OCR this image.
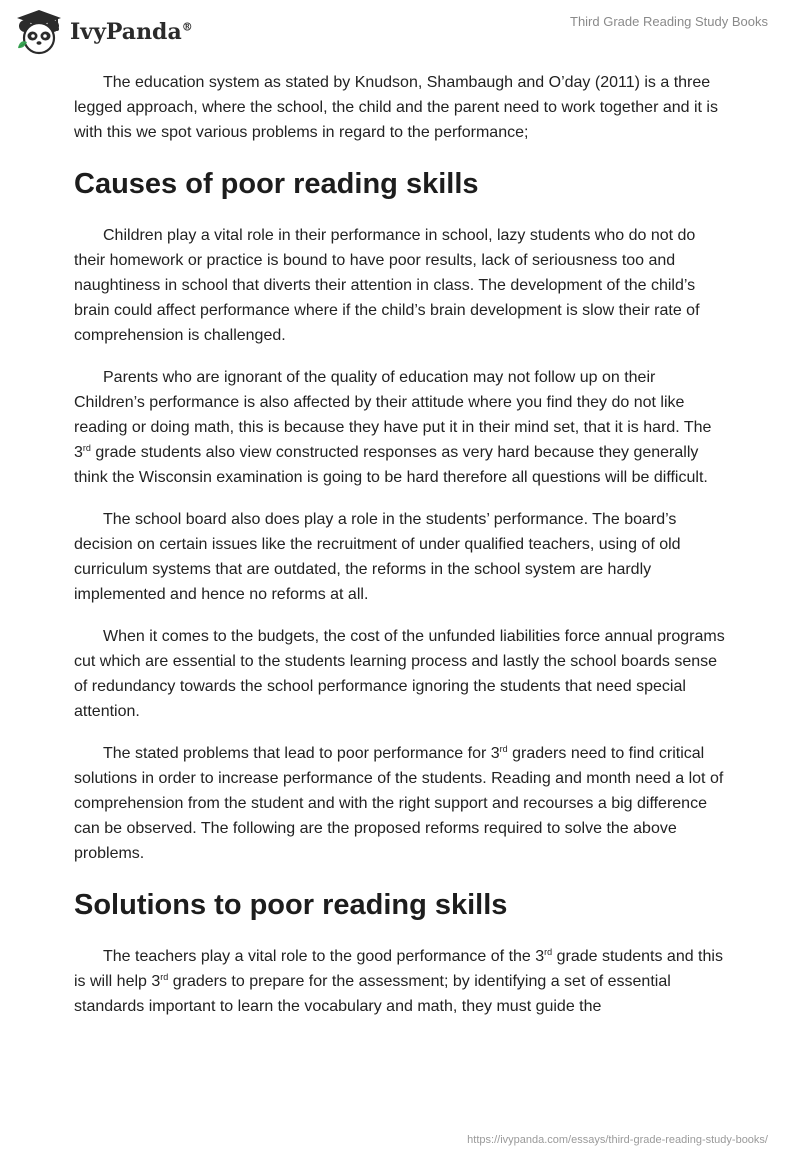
IvyPanda®	Third Grade Reading Study Books

The education system as stated by Knudson, Shambaugh and O’day (2011) is a three legged approach, where the school, the child and the parent need to work together and it is with this we spot various problems in regard to the performance;

Causes of poor reading skills

Children play a vital role in their performance in school, lazy students who do not do their homework or practice is bound to have poor results, lack of seriousness too and naughtiness in school that diverts their attention in class. The development of the child’s brain could affect performance where if the child’s brain development is slow their rate of comprehension is challenged.

Parents who are ignorant of the quality of education may not follow up on their Children’s performance is also affected by their attitude where you find they do not like reading or doing math, this is because they have put it in their mind set, that it is hard. The 3rd grade students also view constructed responses as very hard because they generally think the Wisconsin examination is going to be hard therefore all questions will be difficult.

The school board also does play a role in the students’ performance. The board’s decision on certain issues like the recruitment of under qualified teachers, using of old curriculum systems that are outdated, the reforms in the school system are hardly implemented and hence no reforms at all.

When it comes to the budgets, the cost of the unfunded liabilities force annual programs cut which are essential to the students learning process and lastly the school boards sense of redundancy towards the school performance ignoring the students that need special attention.

The stated problems that lead to poor performance for 3rd graders need to find critical solutions in order to increase performance of the students. Reading and month need a lot of comprehension from the student and with the right support and recourses a big difference can be observed. The following are the proposed reforms required to solve the above problems.

Solutions to poor reading skills

The teachers play a vital role to the good performance of the 3rd grade students and this is will help 3rd graders to prepare for the assessment; by identifying a set of essential standards important to learn the vocabulary and math, they must guide the

https://ivypanda.com/essays/third-grade-reading-study-books/
